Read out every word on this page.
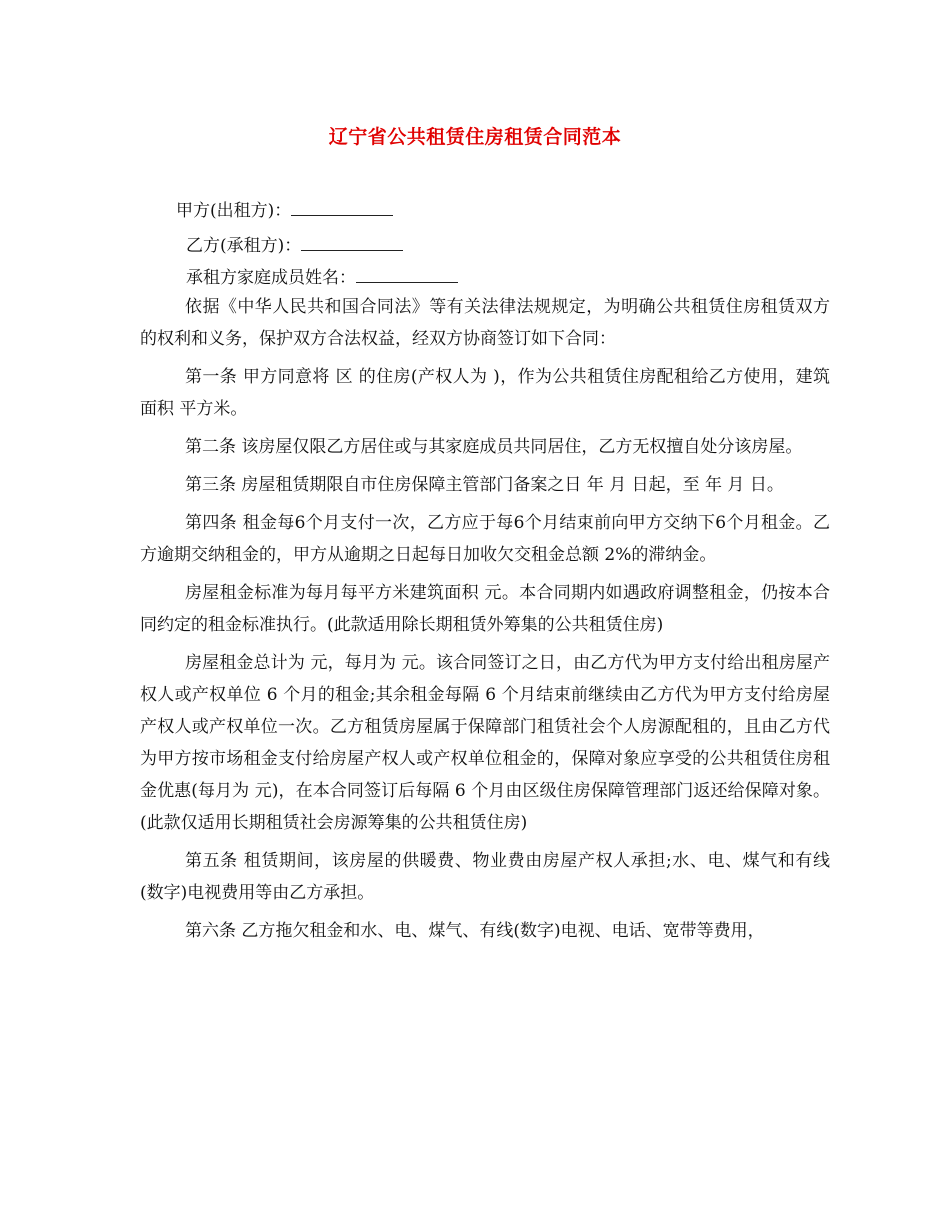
辽宁省公共租赁住房租赁合同范本
甲方(出租方)：
乙方(承租方)：
承租方家庭成员姓名：

依据《中华人民共和国合同法》等有关法律法规规定，为明确公共租赁住房租赁双方的权利和义务，保护双方合法权益，经双方协商签订如下合同：

第一条 甲方同意将 区 的住房(产权人为 )，作为公共租赁住房配租给乙方使用，建筑面积 平方米。

第二条 该房屋仅限乙方居住或与其家庭成员共同居住，乙方无权擅自处分该房屋。

第三条 房屋租赁期限自市住房保障主管部门备案之日 年 月 日起，至 年 月 日。

第四条 租金每6个月支付一次，乙方应于每6个月结束前向甲方交纳下6个月租金。乙方逾期交纳租金的，甲方从逾期之日起每日加收欠交租金总额 2%的滞纳金。

房屋租金标准为每月每平方米建筑面积 元。本合同期内如遇政府调整租金，仍按本合同约定的租金标准执行。(此款适用除长期租赁外筹集的公共租赁住房)

房屋租金总计为 元，每月为 元。该合同签订之日，由乙方代为甲方支付给出租房屋产权人或产权单位 6 个月的租金;其余租金每隔 6 个月结束前继续由乙方代为甲方支付给房屋产权人或产权单位一次。乙方租赁房屋属于保障部门租赁社会个人房源配租的，且由乙方代为甲方按市场租金支付给房屋产权人或产权单位租金的，保障对象应享受的公共租赁住房租金优惠(每月为 元)，在本合同签订后每隔 6 个月由区级住房保障管理部门返还给保障对象。(此款仅适用长期租赁社会房源筹集的公共租赁住房)

第五条 租赁期间，该房屋的供暖费、物业费由房屋产权人承担;水、电、煤气和有线(数字)电视费用等由乙方承担。

第六条 乙方拖欠租金和水、电、煤气、有线(数字)电视、电话、宽带等费用，
